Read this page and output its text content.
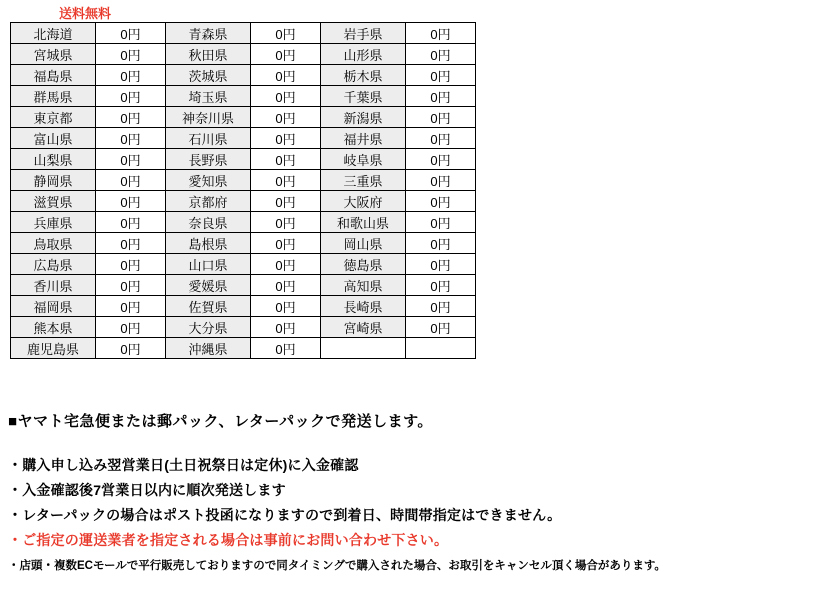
送料無料
北海道	0円	青森県	0円	岩手県	0円
宮城県	0円	秋田県	0円	山形県	0円
福島県	0円	茨城県	0円	栃木県	0円
群馬県	0円	埼玉県	0円	千葉県	0円
東京都	0円	神奈川県	0円	新潟県	0円
富山県	0円	石川県	0円	福井県	0円
山梨県	0円	長野県	0円	岐阜県	0円
静岡県	0円	愛知県	0円	三重県	0円
滋賀県	0円	京都府	0円	大阪府	0円
兵庫県	0円	奈良県	0円	和歌山県	0円
鳥取県	0円	島根県	0円	岡山県	0円
広島県	0円	山口県	0円	徳島県	0円
香川県	0円	愛媛県	0円	高知県	0円
福岡県	0円	佐賀県	0円	長崎県	0円
熊本県	0円	大分県	0円	宮崎県	0円
鹿児島県	0円	沖縄県	0円		

■ヤマト宅急便または郵パック、レターパックで発送します。

・購入申し込み翌営業日(土日祝祭日は定休)に入金確認

・入金確認後7営業日以内に順次発送します

・レターパックの場合はポスト投函になりますので到着日、時間帯指定はできません。

・ご指定の運送業者を指定される場合は事前にお問い合わせ下さい。

・店頭・複数ECモールで平行販売しておりますので同タイミングで購入された場合、お取引をキャンセル頂く場合があります。
